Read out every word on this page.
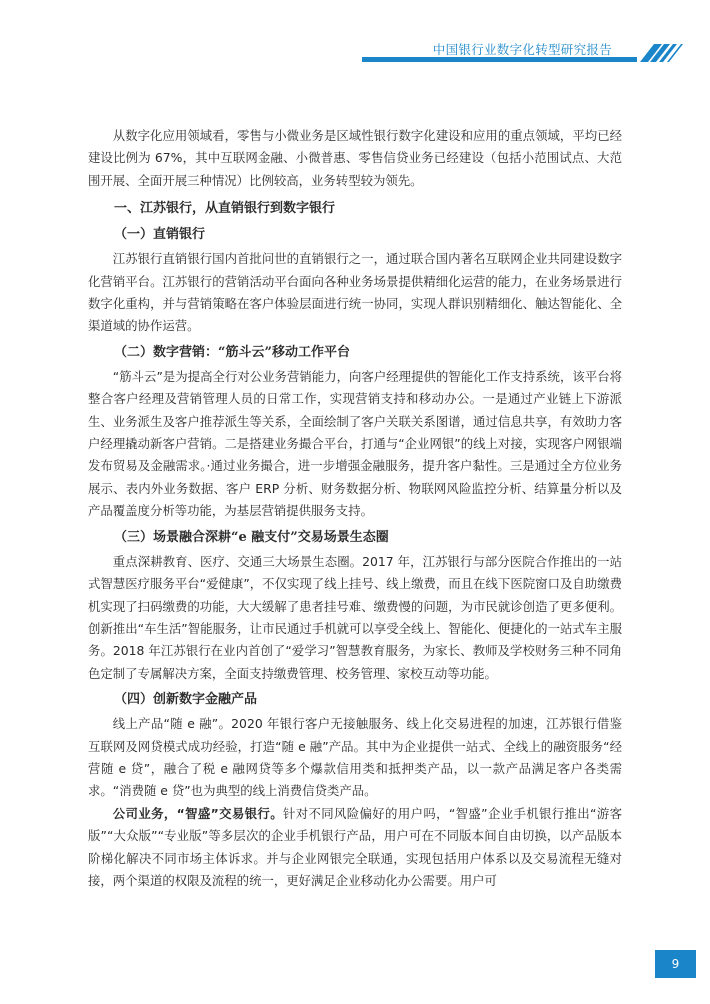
中国银行业数字化转型研究报告

从数字化应用领域看，零售与小微业务是区域性银行数字化建设和应用的重点领域，平均已经建设比例为 67%，其中互联网金融、小微普惠、零售信贷业务已经建设（包括小范围试点、大范围开展、全面开展三种情况）比例较高，业务转型较为领先。

一、江苏银行，从直销银行到数字银行
（一）直销银行

江苏银行直销银行国内首批问世的直销银行之一，通过联合国内著名互联网企业共同建设数字化营销平台。江苏银行的营销活动平台面向各种业务场景提供精细化运营的能力，在业务场景进行数字化重构，并与营销策略在客户体验层面进行统一协同，实现人群识别精细化、触达智能化、全渠道域的协作运营。

（二）数字营销：“筋斗云”移动工作平台

“筋斗云”是为提高全行对公业务营销能力，向客户经理提供的智能化工作支持系统，该平台将整合客户经理及营销管理人员的日常工作，实现营销支持和移动办公。一是通过产业链上下游派生、业务派生及客户推荐派生等关系，全面绘制了客户关联关系图谱，通过信息共享，有效助力客户经理撬动新客户营销。二是搭建业务撮合平台，打通与“企业网银”的线上对接，实现客户网银端发布贸易及金融需求。·通过业务撮合，进一步增强金融服务，提升客户黏性。三是通过全方位业务展示、表内外业务数据、客户 ERP 分析、财务数据分析、物联网风险监控分析、结算量分析以及产品覆盖度分析等功能，为基层营销提供服务支持。

（三）场景融合深耕“e 融支付”交易场景生态圈

重点深耕教育、医疗、交通三大场景生态圈。2017 年，江苏银行与部分医院合作推出的一站式智慧医疗服务平台“爱健康”，不仅实现了线上挂号、线上缴费，而且在线下医院窗口及自助缴费机实现了扫码缴费的功能，大大缓解了患者挂号难、缴费慢的问题，为市民就诊创造了更多便利。创新推出“车生活”智能服务，让市民通过手机就可以享受全线上、智能化、便捷化的一站式车主服务。2018 年江苏银行在业内首创了“爱学习”智慧教育服务，为家长、教师及学校财务三种不同角色定制了专属解决方案，全面支持缴费管理、校务管理、家校互动等功能。

（四）创新数字金融产品

线上产品“随 e 融”。2020 年银行客户无接触服务、线上化交易进程的加速，江苏银行借鉴互联网及网贷模式成功经验，打造“随 e 融”产品。其中为企业提供一站式、全线上的融资服务“经营随 e 贷”，融合了税 e 融网贷等多个爆款信用类和抵押类产品，以一款产品满足客户各类需求。“消费随 e 贷”也为典型的线上消费信贷类产品。

公司业务，“智盛”交易银行。针对不同风险偏好的用户吗，“智盛”企业手机银行推出“游客版”“大众版”“专业版”等多层次的企业手机银行产品，用户可在不同版本间自由切换，以产品版本阶梯化解决不同市场主体诉求。并与企业网银完全联通，实现包括用户体系以及交易流程无缝对接，两个渠道的权限及流程的统一，更好满足企业移动化办公需要。用户可

9
